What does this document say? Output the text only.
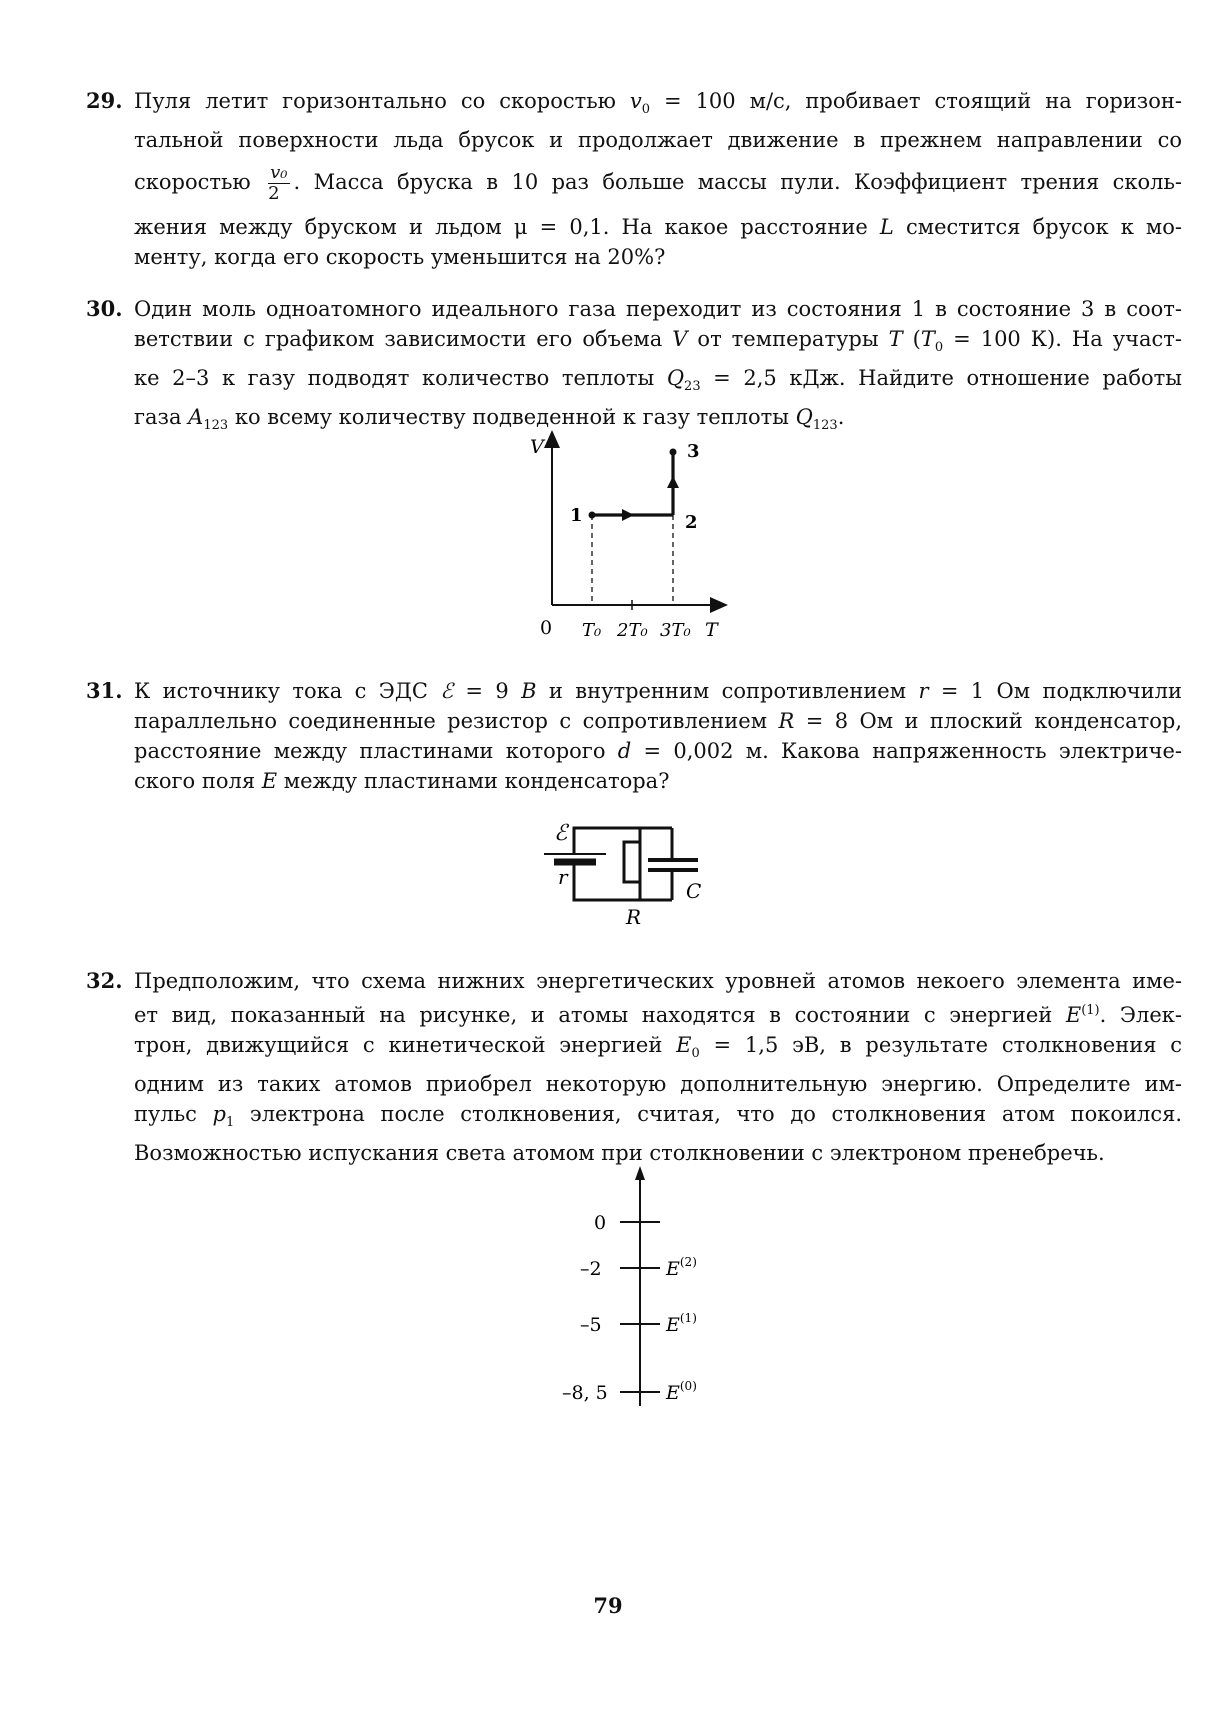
29. Пуля летит горизонтально со скоростью $v_0 = 100$ м/с, пробивает стоящий на горизон-
тальной поверхности льда брусок и продолжает движение в прежнем направлении со
скоростью $\frac{\text{v₀}}{2}$ . Масса бруска в 10 раз больше массы пули. Коэффициент трения сколь-
жения между бруском и льдом μ = 0,1. На какое расстояние L сместится брусок к мо-
менту, когда его скорость уменьшится на 20%?
30. Один моль одноатомного идеального газа переходит из состояния 1 в состояние 3 в соот-
ветствии с графиком зависимости его объема V от температуры T ($T_0 = 100$ К). На участ-
ке 2–3 к газу подводят количество теплоты $Q_{23} = 2,5$ кДж. Найдите отношение работы
газа $A_{123}$ ко всему количеству подведенной к газу теплоты $Q_{123}$.
V
T
0 T₀ 2T₀ 3T₀
1	2
3
31. К источнику тока с ЭДС ℰ = 9 В и внутренним сопротивлением r = 1 Ом подключили
параллельно соединенные резистор с сопротивлением R = 8 Ом и плоский конденсатор,
расстояние между пластинами которого d = 0,002 м. Какова напряженность электриче-
ского поля E между пластинами конденсатора?
ℰ
r
R
C
32. Предположим, что схема нижних энергетических уровней атомов некоего элемента име-
ет вид, показанный на рисунке, и атомы находятся в состоянии с энергией $E^{(1)}$. Элек-
трон, движущийся с кинетической энергией $E_0 = 1,5$ эВ, в результате столкновения с
одним из таких атомов приобрел некоторую дополнительную энергию. Определите им-
пульс $p_1$ электрона после столкновения, считая, что до столкновения атом покоился.
Возможностью испускания света атомом при столкновении с электроном пренебречь.
0
–2
–5
–8, 5
$E^{(2)}$
$E^{(1)}$
$E^{(0)}$
79
